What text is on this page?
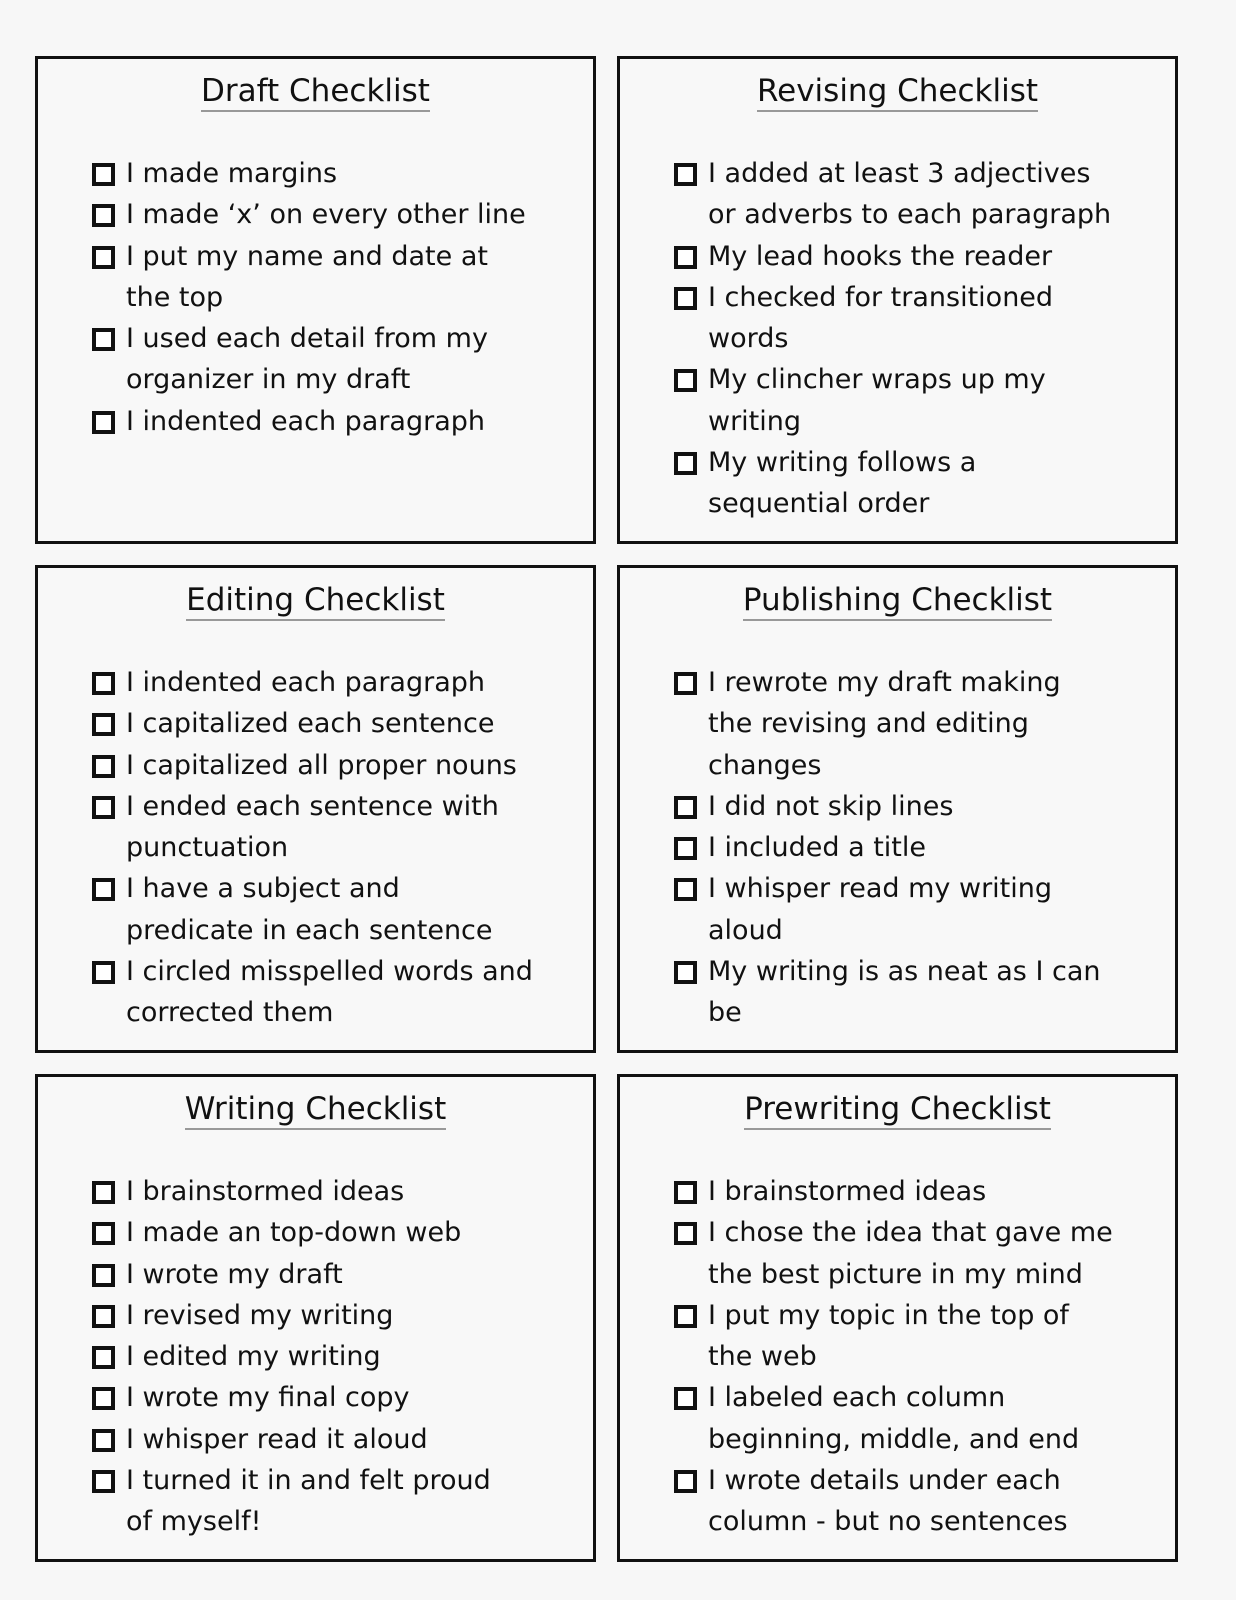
Draft Checklist
I made margins
I made ‘x’ on every other line
I put my name and date at
the top
I used each detail from my
organizer in my draft
I indented each paragraph
Revising Checklist
I added at least 3 adjectives
or adverbs to each paragraph
My lead hooks the reader
I checked for transitioned
words
My clincher wraps up my
writing
My writing follows a
sequential order
Editing Checklist
I indented each paragraph
I capitalized each sentence
I capitalized all proper nouns
I ended each sentence with
punctuation
I have a subject and
predicate in each sentence
I circled misspelled words and
corrected them
Publishing Checklist
I rewrote my draft making
the revising and editing
changes
I did not skip lines
I included a title
I whisper read my writing
aloud
My writing is as neat as I can
be
Writing Checklist
I brainstormed ideas
I made an top-down web
I wrote my draft
I revised my writing
I edited my writing
I wrote my final copy
I whisper read it aloud
I turned it in and felt proud
of myself!
Prewriting Checklist
I brainstormed ideas
I chose the idea that gave me
the best picture in my mind
I put my topic in the top of
the web
I labeled each column
beginning, middle, and end
I wrote details under each
column - but no sentences
